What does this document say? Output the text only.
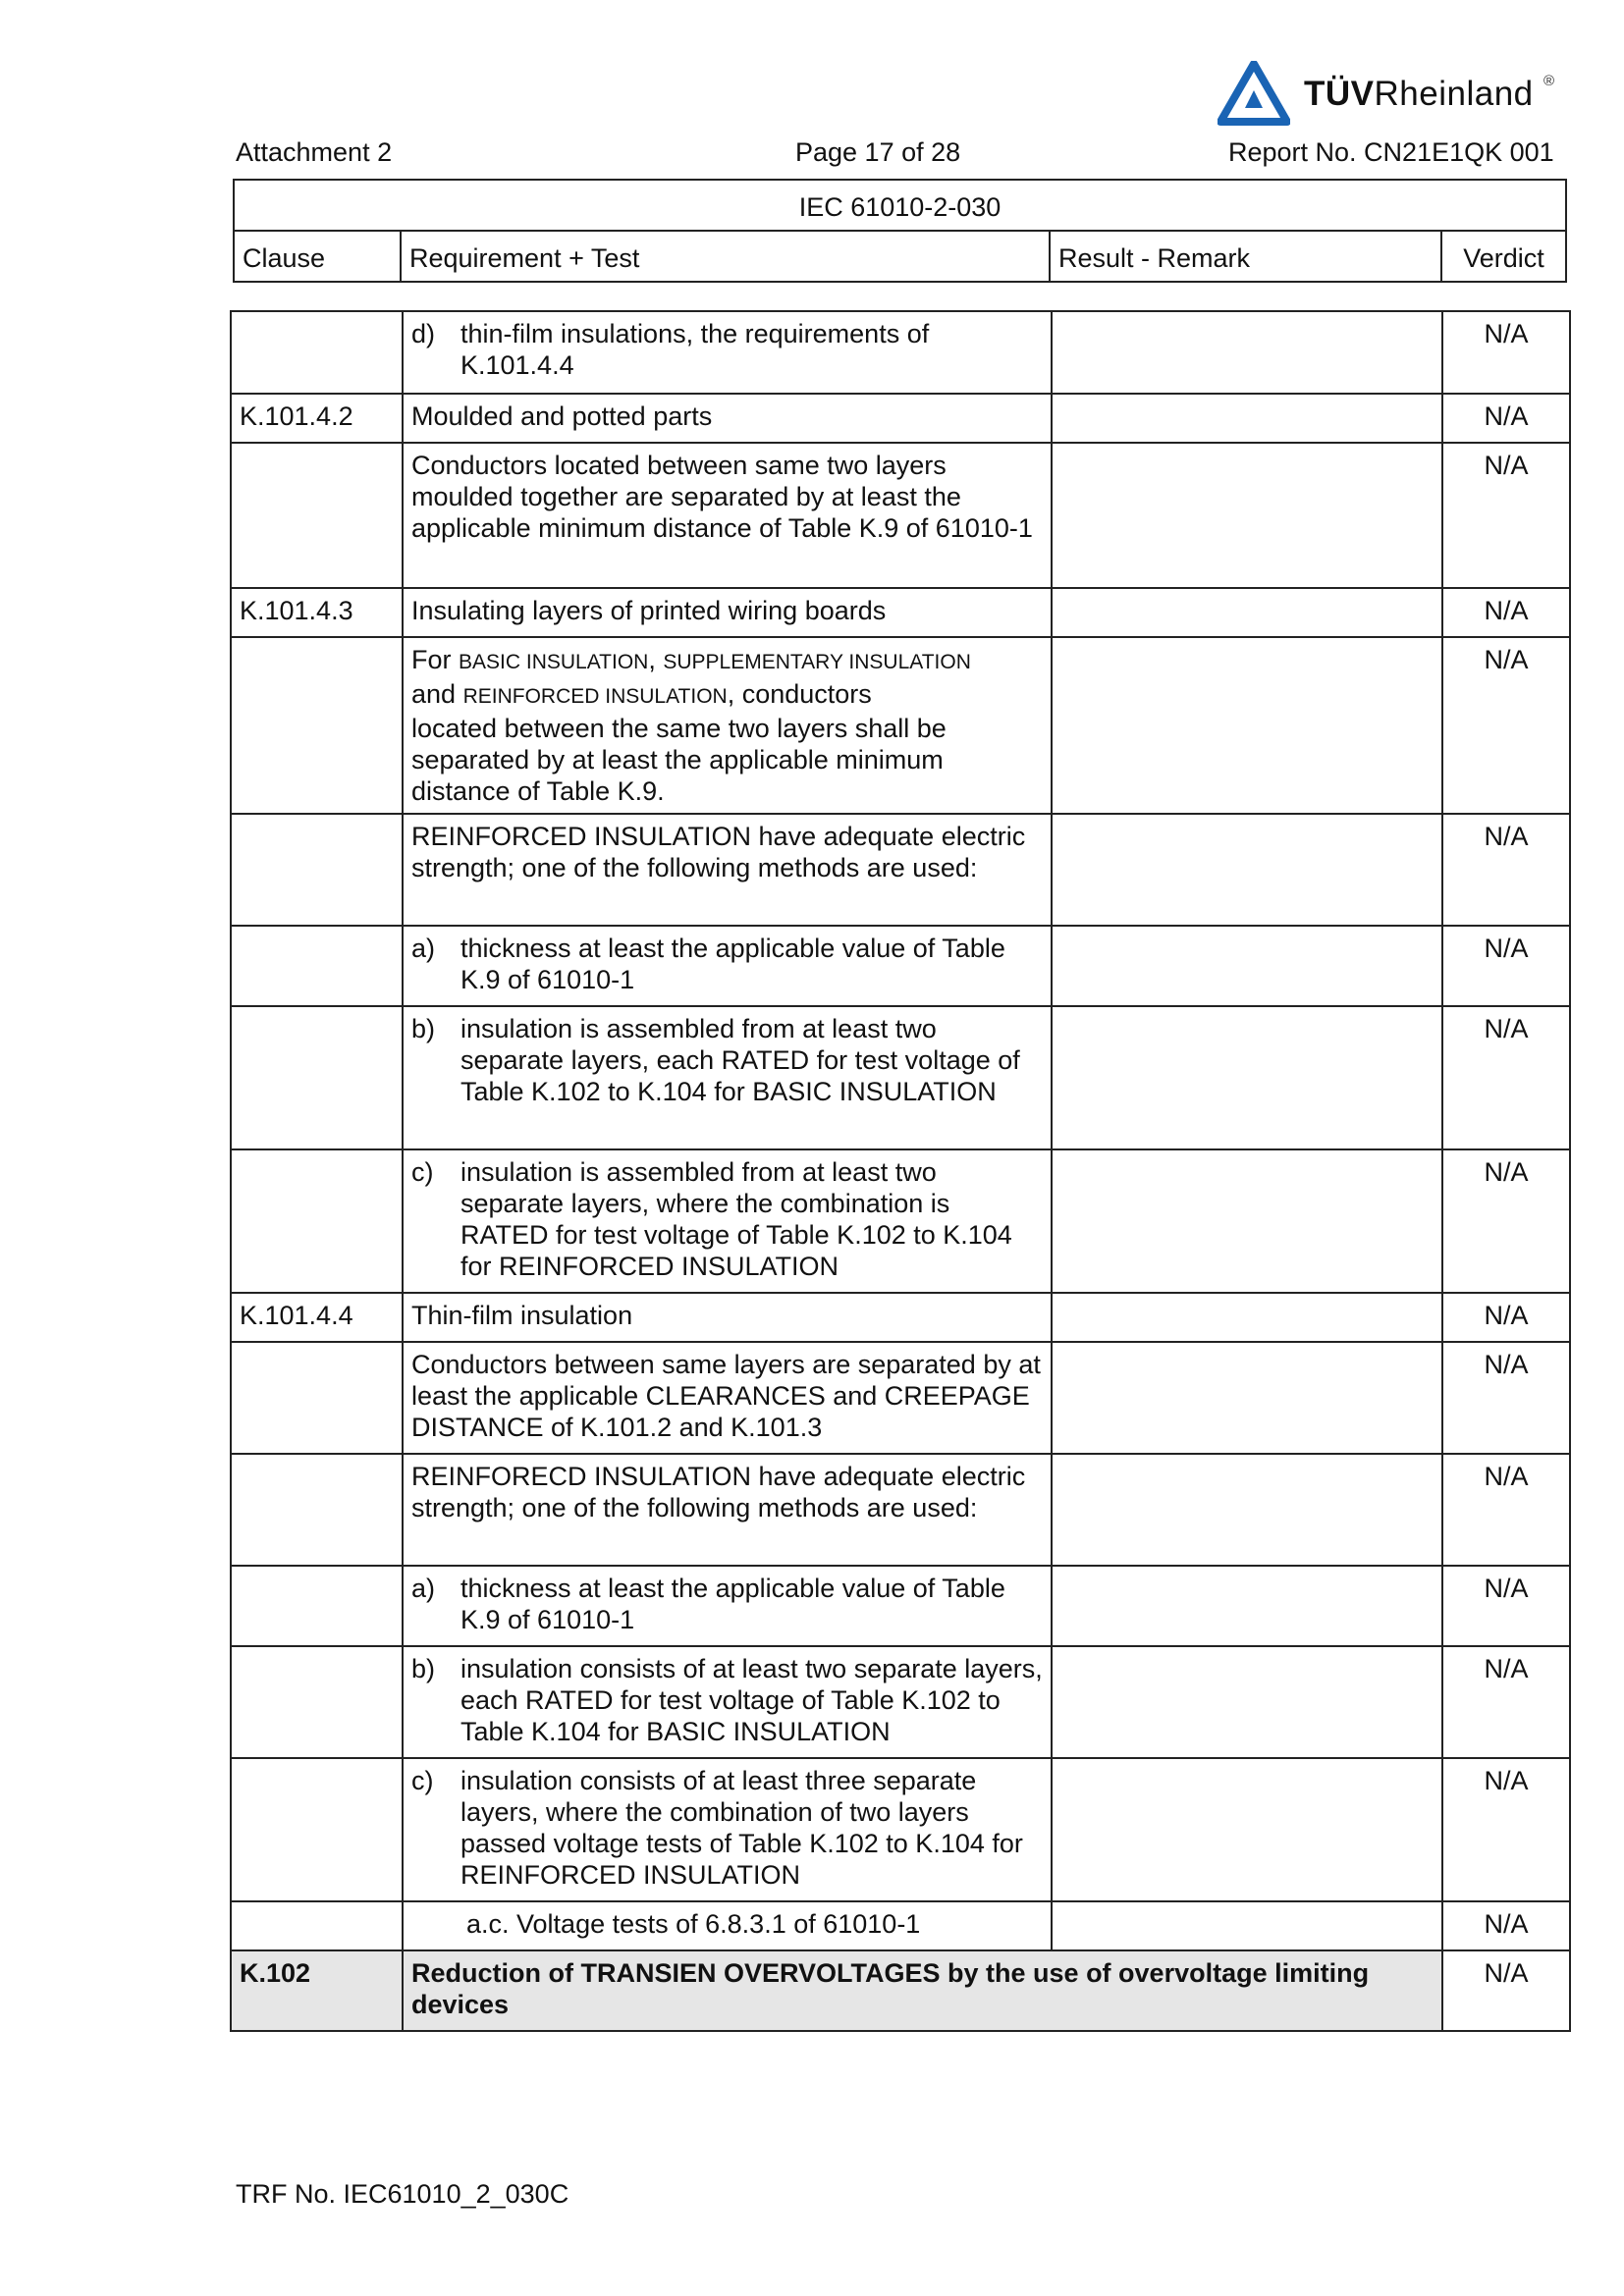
TÜVRheinland ®
Attachment 2	Page 17 of 28	Report No. CN21E1QK 001
IEC 61010-2-030
Clause	Requirement + Test	Result - Remark	Verdict

	d) thin-film insulations, the requirements of K.101.4.4		N/A
K.101.4.2	Moulded and potted parts		N/A
	Conductors located between same two layers moulded together are separated by at least the applicable minimum distance of Table K.9 of 61010-1		N/A
K.101.4.3	Insulating layers of printed wiring boards		N/A
	For BASIC INSULATION, SUPPLEMENTARY INSULATION
and REINFORCED INSULATION, conductors
located between the same two layers shall be separated by at least the applicable minimum distance of Table K.9.		N/A
	REINFORCED INSULATION have adequate electric strength; one of the following methods are used:		N/A

	a) thickness at least the applicable value of Table K.9 of 61010-1		N/A

	b) insulation is assembled from at least two separate layers, each RATED for test voltage of Table K.102 to K.104 for BASIC INSULATION		N/A

	c) insulation is assembled from at least two separate layers, where the combination is RATED for test voltage of Table K.102 to K.104 for REINFORCED INSULATION		N/A
K.101.4.4	Thin-film insulation		N/A
	Conductors between same layers are separated by at least the applicable CLEARANCES and CREEPAGE DISTANCE of K.101.2 and K.101.3		N/A
	REINFORECD INSULATION have adequate electric strength; one of the following methods are used:		N/A

	a) thickness at least the applicable value of Table K.9 of 61010-1		N/A

	b) insulation consists of at least two separate layers, each RATED for test voltage of Table K.102 to Table K.104 for BASIC INSULATION		N/A

	c) insulation consists of at least three separate layers, where the combination of two layers passed voltage tests of Table K.102 to K.104 for REINFORCED INSULATION		N/A
	a.c. Voltage tests of 6.8.3.1 of 61010-1		N/A
K.102	Reduction of TRANSIEN OVERVOLTAGES by the use of overvoltage limiting devices		N/A
TRF No. IEC61010_2_030C
